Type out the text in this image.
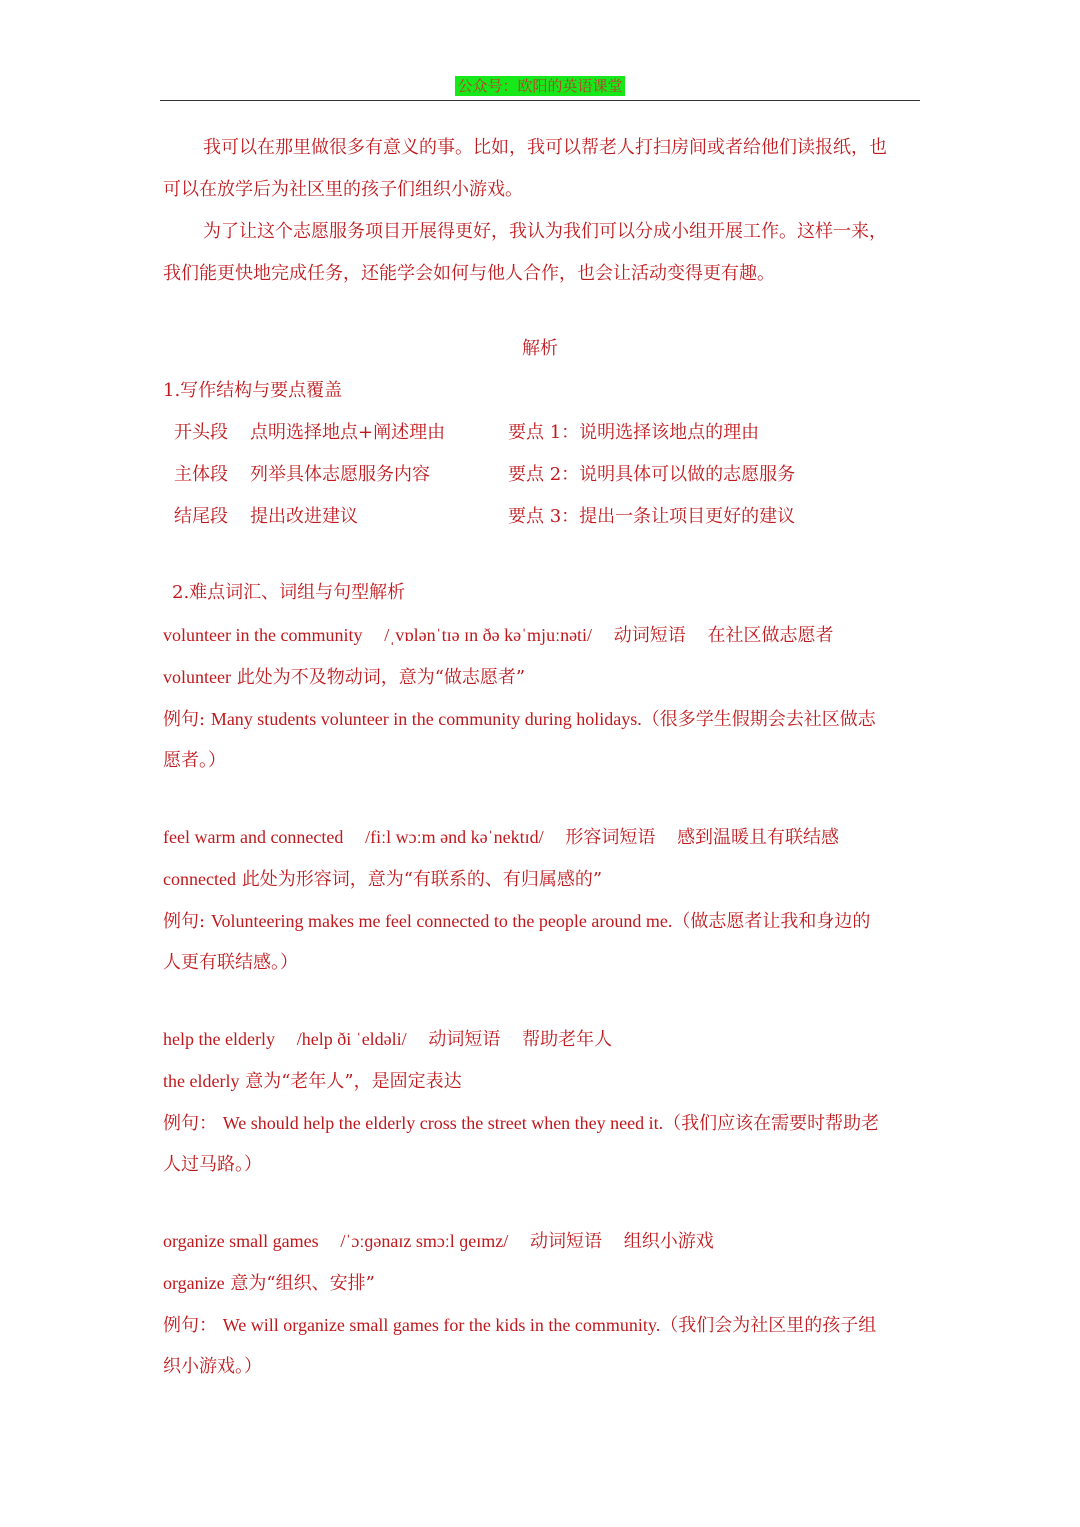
公众号：欧阳的英语课堂
我可以在那里做很多有意义的事。比如，我可以帮老人打扫房间或者给他们读报纸，也
可以在放学后为社区里的孩子们组织小游戏。
为了让这个志愿服务项目开展得更好，我认为我们可以分成小组开展工作。这样一来，
我们能更快地完成任务，还能学会如何与他人合作，也会让活动变得更有趣。
解析
1.写作结构与要点覆盖
开头段 点明选择地点+阐述理由	要点 1：说明选择该地点的理由
主体段 列举具体志愿服务内容	要点 2：说明具体可以做的志愿服务
结尾段 提出改进建议	要点 3：提出一条让项目更好的建议
2.难点词汇、词组与句型解析
volunteer in the community /ˌvɒlənˈtɪə ɪn ðə kəˈmjuːnəti/ 动词短语 在社区做志愿者
volunteer 此处为不及物动词，意为“做志愿者”
例句: Many students volunteer in the community during holidays.（很多学生假期会去社区做志
愿者。）
feel warm and connected /fiːl wɔːm ənd kəˈnektɪd/ 形容词短语 感到温暖且有联结感
connected 此处为形容词，意为“有联系的、有归属感的”
例句: Volunteering makes me feel connected to the people around me.（做志愿者让我和身边的
人更有联结感。）
help the elderly /help ði ˈeldəli/ 动词短语 帮助老年人
the elderly 意为“老年人”，是固定表达
例句： We should help the elderly cross the street when they need it.（我们应该在需要时帮助老
人过马路。）
organize small games /ˈɔːɡənaɪz smɔːl ɡeɪmz/ 动词短语 组织小游戏
organize 意为“组织、安排”
例句： We will organize small games for the kids in the community.（我们会为社区里的孩子组
织小游戏。）
